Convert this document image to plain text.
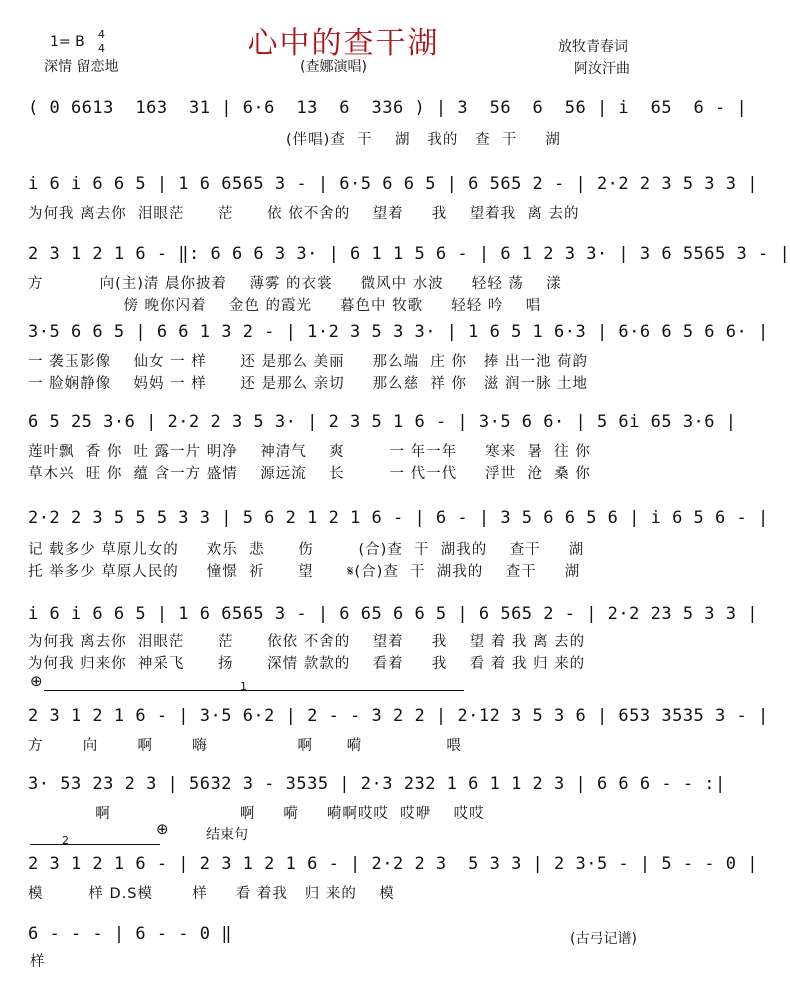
心中的查干湖
1= B 4
4
深情 留恋地	(查娜演唱)
放牧青春词
阿汝汗曲
( 0 6613  163  31 | 6·6  13  6  336 ) | 3  56  6  56 | i  65  6 - |
(伴唱)查  干    湖   我的   查  干     湖
i 6 i 6 6 5 | 1 6 6565 3 - | 6·5 6 6 5 | 6 565 2 - | 2·2 2 3 5 3 3 |
为何我 离去你  泪眼茫      茫      依 依不舍的    望着     我    望着我  离 去的
2 3 1 2 1 6 - ‖: 6 6 6 3 3· | 6 1 1 5 6 - | 6 1 2 3 3· | 3 6 5565 3 - |
方          向(主)清 晨你披着    薄雾 的衣裳     微风中 水波     轻轻 荡    漾
傍 晚你闪着    金色 的霞光     暮色中 牧歌     轻轻 吟    唱
3·5 6 6 5 | 6 6 1 3 2 - | 1·2 3 5 3 3· | 1 6 5 1 6·3 | 6·6 6 5 6 6· |
一 袭玉影像    仙女 一 样      还 是那么 美丽     那么端  庄 你   捧 出一池 荷韵
一 脸娴静像    妈妈 一 样      还 是那么 亲切     那么慈  祥 你   滋 润一脉 土地
6 5 25 3·6 | 2·2 2 3 5 3· | 2 3 5 1 6 - | 3·5 6 6· | 5 6i 65 3·6 |
莲叶飘  香 你  吐 露一片 明净    神清气    爽        一 年一年     寒来  暑  往 你
草木兴  旺 你  蕴 含一方 盛情    源远流    长        一 代一代     浮世  沧  桑 你
2·2 2 3 5 5 5 3 3 | 5 6 2 1 2 1 6 - | 6 - | 3 5 6 6 5 6 | i 6 5 6 - |
记 载多少 草原儿女的     欢乐  悲      伤        (合)查  干  湖我的    查干     湖
托 举多少 草原人民的     憧憬  祈      望      𝄋(合)查  干  湖我的    查干     湖
i 6 i 6 6 5 | 1 6 6565 3 - | 6 65 6 6 5 | 6 565 2 - | 2·2 23 5 3 3 |
为何我 离去你  泪眼茫      茫      依依 不舍的    望着     我    望 着 我 离 去的
为何我 归来你  神采飞      扬      深情 款款的    看着     我    看 着 我 归 来的
⊕	1
2 3 1 2 1 6 - | 3·5 6·2 | 2 - - 3 2 2 | 2·12 3 5 3 6 | 653 3535 3 - |
方       向       啊       嗨                啊      嗬               喂
3· 53 23 2 3 | 5632 3 - 3535 | 2·3 232 1 6 1 1 2 3 | 6 6 6 - - :|
啊                       啊     嗬     嗬啊哎哎  哎咿    哎哎
2
⊕	结束句
2 3 1 2 1 6 - | 2 3 1 2 1 6 - | 2·2 2 3  5 3 3 | 2 3·5 - | 5 - - 0 |
模        样 D.S模       样     看 着我   归 来的    模
6 - - - | 6 - - 0 ‖
样
(古弓记谱)
